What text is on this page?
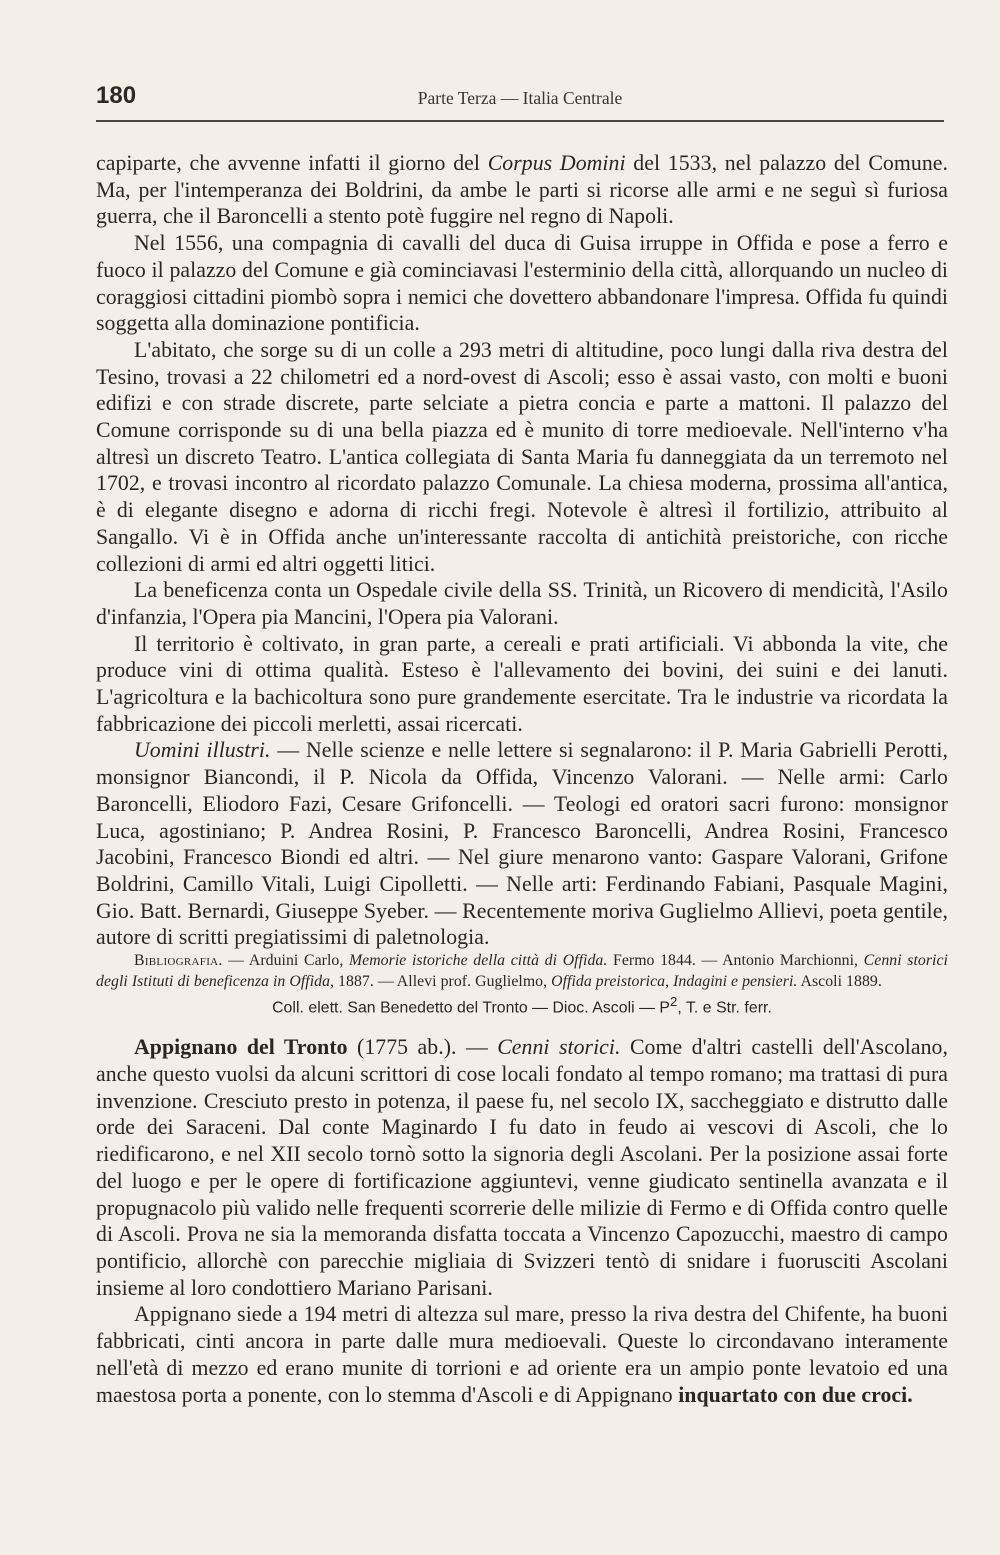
180	Parte Terza — Italia Centrale

capiparte, che avvenne infatti il giorno del Corpus Domini del 1533, nel palazzo del Comune. Ma, per l'intemperanza dei Boldrini, da ambe le parti si ricorse alle armi e ne seguì sì furiosa guerra, che il Baroncelli a stento potè fuggire nel regno di Napoli.

Nel 1556, una compagnia di cavalli del duca di Guisa irruppe in Offida e pose a ferro e fuoco il palazzo del Comune e già cominciavasi l'esterminio della città, allorquando un nucleo di coraggiosi cittadini piombò sopra i nemici che dovettero abbandonare l'impresa. Offida fu quindi soggetta alla dominazione pontificia.

L'abitato, che sorge su di un colle a 293 metri di altitudine, poco lungi dalla riva destra del Tesino, trovasi a 22 chilometri ed a nord-ovest di Ascoli; esso è assai vasto, con molti e buoni edifizi e con strade discrete, parte selciate a pietra concia e parte a mattoni. Il palazzo del Comune corrisponde su di una bella piazza ed è munito di torre medioevale. Nell'interno v'ha altresì un discreto Teatro. L'antica collegiata di Santa Maria fu danneggiata da un terremoto nel 1702, e trovasi incontro al ricordato palazzo Comunale. La chiesa moderna, prossima all'antica, è di elegante disegno e adorna di ricchi fregi. Notevole è altresì il fortilizio, attribuito al Sangallo. Vi è in Offida anche un'interessante raccolta di antichità preistoriche, con ricche collezioni di armi ed altri oggetti litici.

La beneficenza conta un Ospedale civile della SS. Trinità, un Ricovero di mendicità, l'Asilo d'infanzia, l'Opera pia Mancini, l'Opera pia Valorani.

Il territorio è coltivato, in gran parte, a cereali e prati artificiali. Vi abbonda la vite, che produce vini di ottima qualità. Esteso è l'allevamento dei bovini, dei suini e dei lanuti. L'agricoltura e la bachicoltura sono pure grandemente esercitate. Tra le industrie va ricordata la fabbricazione dei piccoli merletti, assai ricercati.

Uomini illustri. — Nelle scienze e nelle lettere si segnalarono: il P. Maria Gabrielli Perotti, monsignor Biancondi, il P. Nicola da Offida, Vincenzo Valorani. — Nelle armi: Carlo Baroncelli, Eliodoro Fazi, Cesare Grifoncelli. — Teologi ed oratori sacri furono: monsignor Luca, agostiniano; P. Andrea Rosini, P. Francesco Baroncelli, Andrea Rosini, Francesco Jacobini, Francesco Biondi ed altri. — Nel giure menarono vanto: Gaspare Valorani, Grifone Boldrini, Camillo Vitali, Luigi Cipolletti. — Nelle arti: Ferdinando Fabiani, Pasquale Magini, Gio. Batt. Bernardi, Giuseppe Syeber. — Recentemente moriva Guglielmo Allievi, poeta gentile, autore di scritti pregiatissimi di paletnologia.

Bibliografia. — Arduini Carlo, Memorie istoriche della città di Offida. Fermo 1844. — Antonio Marchionni, Cenni storici degli Istituti di beneficenza in Offida, 1887. — Allevi prof. Guglielmo, Offida preistorica, Indagini e pensieri. Ascoli 1889.

Coll. elett. San Benedetto del Tronto — Dioc. Ascoli — $P^2$, T. e Str. ferr.

Appignano del Tronto (1775 ab.). — Cenni storici. Come d'altri castelli dell'Ascolano, anche questo vuolsi da alcuni scrittori di cose locali fondato al tempo romano; ma trattasi di pura invenzione. Cresciuto presto in potenza, il paese fu, nel secolo IX, saccheggiato e distrutto dalle orde dei Saraceni. Dal conte Maginardo I fu dato in feudo ai vescovi di Ascoli, che lo riedificarono, e nel XII secolo tornò sotto la signoria degli Ascolani. Per la posizione assai forte del luogo e per le opere di fortificazione aggiuntevi, venne giudicato sentinella avanzata e il propugnacolo più valido nelle frequenti scorrerie delle milizie di Fermo e di Offida contro quelle di Ascoli. Prova ne sia la memoranda disfatta toccata a Vincenzo Capozucchi, maestro di campo pontificio, allorchè con parecchie migliaia di Svizzeri tentò di snidare i fuorusciti Ascolani insieme al loro condottiero Mariano Parisani.

Appignano siede a 194 metri di altezza sul mare, presso la riva destra del Chifente, ha buoni fabbricati, cinti ancora in parte dalle mura medioevali. Queste lo circondavano interamente nell'età di mezzo ed erano munite di torrioni e ad oriente era un ampio ponte levatoio ed una maestosa porta a ponente, con lo stemma d'Ascoli e di Appignano inquartato con due croci.
